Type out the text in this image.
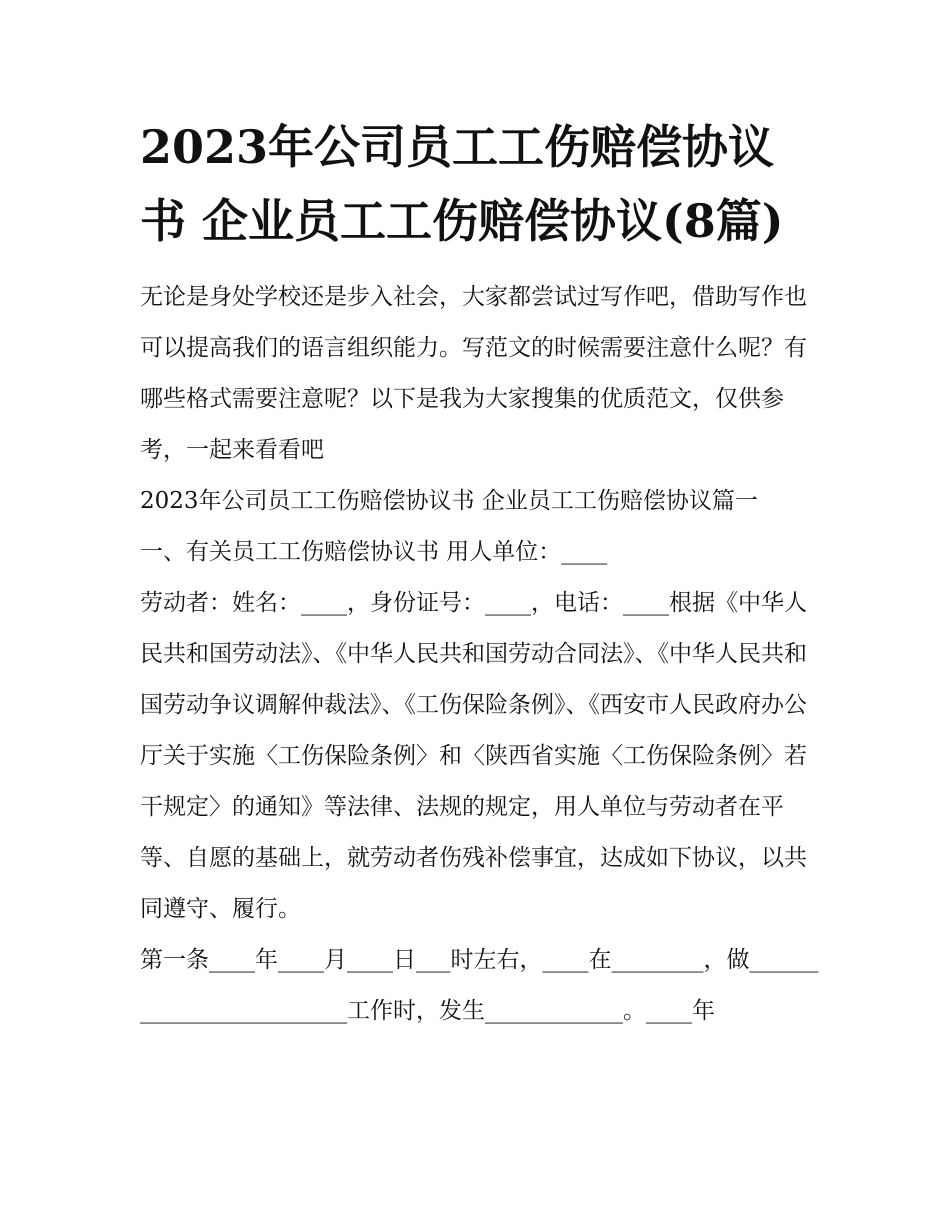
2023年公司员工工伤赔偿协议书 企业员工工伤赔偿协议(8篇)

无论是身处学校还是步入社会，大家都尝试过写作吧，借助写作也可以提高我们的语言组织能力。写范文的时候需要注意什么呢？有哪些格式需要注意呢？以下是我为大家搜集的优质范文，仅供参考，一起来看看吧

2023年公司员工工伤赔偿协议书 企业员工工伤赔偿协议篇一

一、有关员工工伤赔偿协议书 用人单位：____

劳动者：姓名：____，身份证号：____，电话：____根据《中华人民共和国劳动法》、《中华人民共和国劳动合同法》、《中华人民共和国劳动争议调解仲裁法》、《工伤保险条例》、《西安市人民政府办公厅关于实施〈工伤保险条例〉和〈陕西省实施〈工伤保险条例〉若干规定〉的通知》等法律、法规的规定，用人单位与劳动者在平等、自愿的基础上，就劳动者伤残补偿事宜，达成如下协议，以共同遵守、履行。

第一条____年____月____日___时左右，____在________，做________________________工作时，发生____________。____年
